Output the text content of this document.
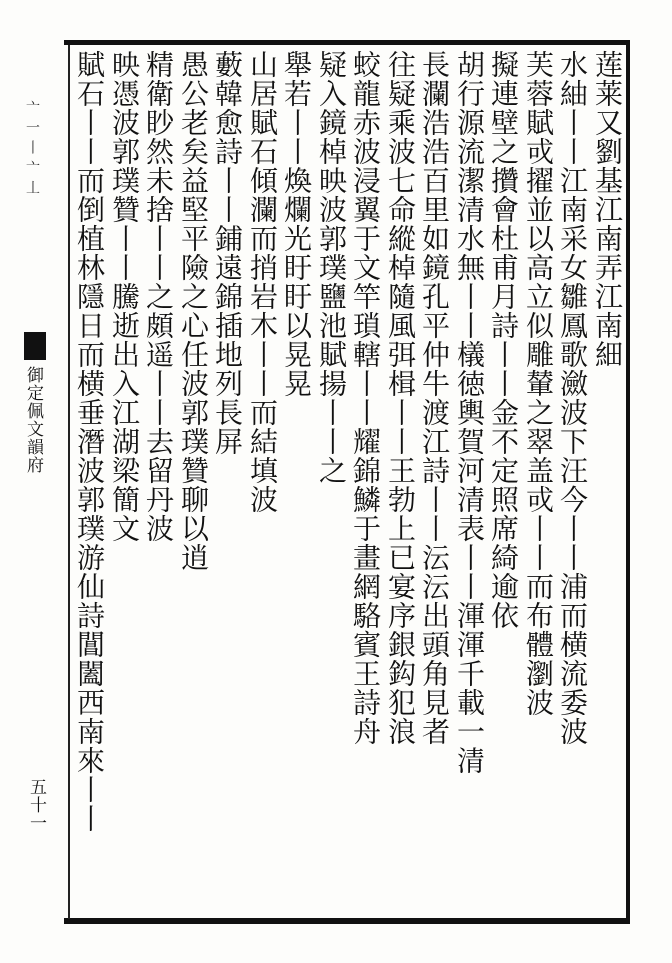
亠一丨亠丄
御定佩文韻府
五十一
莲莱又劉基江南弄江南細
水紬丨丨江南采女雛鳳歌瀲波下汪今丨丨浦而横流委波
芙蓉賦戓擢並以高立似雕輦之翠盖戓丨丨而布體瀏波
擬連壁之攢會杜甫月詩丨丨金不定照席綺逾依
胡行源流潔清水無丨丨檥徳輿賀河清表丨丨渾渾千載一清
長瀾浩浩百里如鏡孔平仲牛渡江詩丨丨沄沄出頭角見者
往疑乘波七命縱棹隨風弭楫丨丨王勃上已宴序銀鈎犯浪
蛟龍赤波浸翼于文竿瑣轄丨丨耀錦鱗于畫網駱賓王詩舟
疑入鏡棹映波郭璞鹽池賦揚丨丨之
舉若丨丨煥爛光盱盱以晃晃
山居賦石傾瀾而捎岩木丨丨而結填波
藪韓愈詩丨丨鋪遠錦插地列長屏
愚公老矣益堅平險之心任波郭璞贊聊以逍
精衛眇然未捨丨丨之頗遥丨丨去留丹波
映憑波郭璞贊丨丨騰逝出入江湖梁簡文
賦石丨丨而倒植林隱日而横垂潛波郭璞游仙詩閶闔西南來丨丨
